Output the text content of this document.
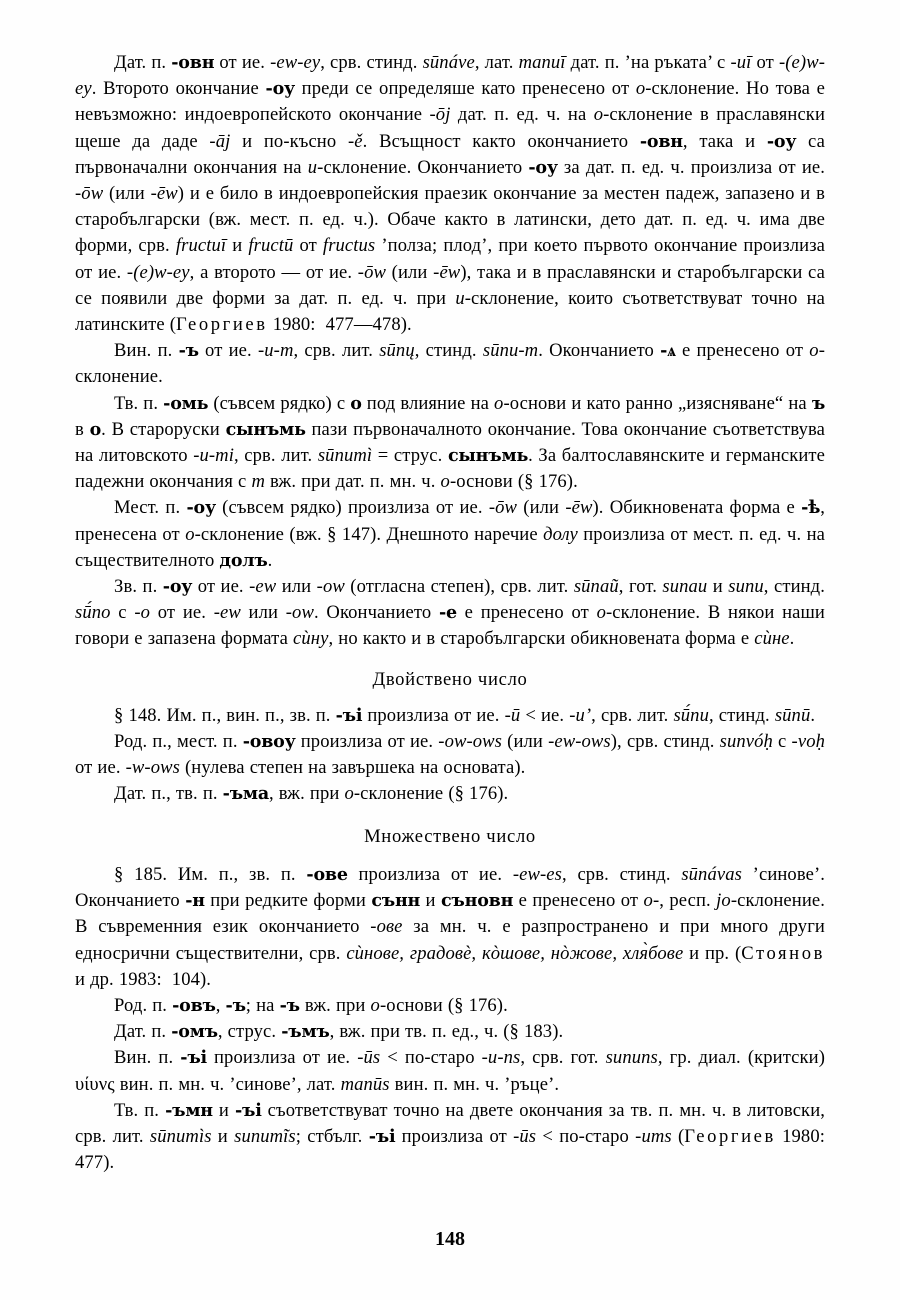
Дат. п. -овн от ие. -ew-ey, срв. стинд. sūnáve, лат. manuī дат. п. ’на ръката’ с -uī от -(e)w-ey. Второто окончание -оу преди се определяше като пренесено от о-склонение. Но това е невъзможно: индоевропейското окончание -ōj дат. п. ед. ч. на о-склонение в праславянски щеше да даде -āj и по-късно -ě. Всъщност както окончанието -овн, така и -оу са първоначални окончания на и-склонение. Окончанието -оу за дат. п. ед. ч. произлиза от ие. -ōw (или -ēw) и е било в индоевропейския праезик окончание за местен падеж, запазено и в старобългарски (вж. мест. п. ед. ч.). Обаче както в латински, дето дат. п. ед. ч. има две форми, срв. fructuī и fructū от fructus ’полза; плод’, при което първото окончание произлиза от ие. -(e)w-ey, а второто — от ие. -ōw (или -ēw), така и в праславянски и старобългарски са се появили две форми за дат. п. ед. ч. при и-склонение, които съответствуват точно на латинските (Георгиев 1980:  477—478).

Вин. п. -ъ от ие. -u-m, срв. лит. sūnų, стинд. sūnu-m. Окончанието -ѧ е пренесено от о-склонение.

Тв. п. -омь (съвсем рядко) с о под влияние на о-основи и като ранно „изясняване“ на ъ в о. В староруски сынъмь пази първоначалното окончание. Това окончание съответствува на литовското -u-mi, срв. лит. sūnumì = струс. сынъмь. За балтославянските и германските падежни окончания с m вж. при дат. п. мн. ч. о-основи (§ 176).

Мест. п. -оу (съвсем рядко) произлиза от ие. -ōw (или -ēw). Обикновената форма е -ѣ, пренесена от о-склонение (вж. § 147). Днешното наречие долу произлиза от мест. п. ед. ч. на съществителното долъ.

Зв. п. -оу от ие. -ew или -ow (отгласна степен), срв. лит. sūnaũ, гот. sunau и sunu, стинд. sū́no с -o от ие. -ew или -ow. Окончанието -е е пренесено от о-склонение. В някои наши говори е запазена формата сѝну, но както и в старобългарски обикновената форма е сѝне.

Двойствено число

§ 148. Им. п., вин. п., зв. п. -ъі произлиза от ие. -ū < ие. -u’, срв. лит. sū́nu, стинд. sūnū.

Род. п., мест. п. -овоу произлиза от ие. -ow-ows (или -ew-ows), срв. стинд. sunvóḥ с -voḥ от ие. -w-ows (нулева степен на завършека на основата).

Дат. п., тв. п. -ъма, вж. при о-склонение (§ 176).

Множествено число

§ 185. Им. п., зв. п. -ове произлиза от ие. -ew-es, срв. стинд. sūnávas ’синове’. Окончанието -н при редките форми сънн и съновн е пренесено от о-, респ. jo-склонение. В съвременния език окончанието -ове за мн. ч. е разпространено и при много други едносрични съществителни, срв. сѝнове, градовѐ, кòшове, нòжове, хля̀бове и пр. (Стоянов и др. 1983:  104).

Род. п. -овъ, -ъ; на -ъ вж. при о-основи (§ 176).

Дат. п. -омъ, струс. -ъмъ, вж. при тв. п. ед., ч. (§ 183).

Вин. п. -ъі произлиза от ие. -ūs < по-старо -u-ns, срв. гот. sununs, гр. диал. (критски) υίυνς вин. п. мн. ч. ’синове’, лат. manūs вин. п. мн. ч. ’ръце’.

Тв. п. -ъмн и -ъі съответствуват точно на двете окончания за тв. п. мн. ч. в литовски, срв. лит. sūnumìs и sunumĩs; стбълг. -ъі произлиза от -ūs < по-старо -ums (Георгиев 1980: 477).

148
